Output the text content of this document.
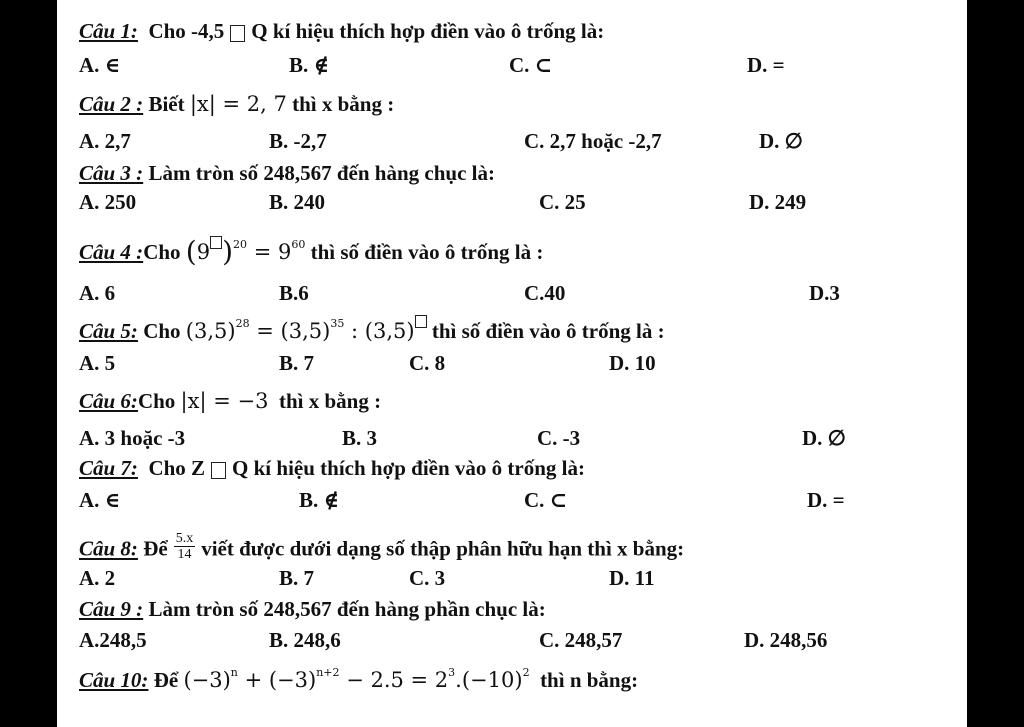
Câu 1: Cho -4,5 Q kí hiệu thích hợp điền vào ô trống là:
A. ∈	B. ∉	C. ⊂	D. =
Câu 2 : Biết |x| = 2, 7 thì x bằng :
A. 2,7	B. -2,7	C. 2,7 hoặc -2,7	D. ∅
Câu 3 : Làm tròn số 248,567 đến hàng chục là:
A. 250	B. 240	C. 25	D. 249
Câu 4 :Cho (9 )$^{20} = 9^{60}$ thì số điền vào ô trống là :
A. 6	B.6	C.40	D.3
Câu 5: Cho $(3,5)^{28} = (3,5)^{35}$ : (3,5) thì số điền vào ô trống là :
A. 5	B. 7	C. 8	D. 10
Câu 6:Cho |x| = −3 thì x bằng :
A. 3 hoặc -3	B. 3	C. -3	D. ∅
Câu 7: Cho Z Q kí hiệu thích hợp điền vào ô trống là:
A. ∈	B. ∉	C. ⊂	D. =
Câu 8: Để $\frac{5.x}{14}$ viết được dưới dạng số thập phân hữu hạn thì x bằng:
A. 2	B. 7	C. 3	D. 11
Câu 9 : Làm tròn số 248,567 đến hàng phần chục là:
A.248,5	B. 248,6	C. 248,57	D. 248,56
Câu 10: Để $(-3)^n + (-3)^{n+2} - 2.5 = 2^3.(-10)^2$ thì n bằng:
